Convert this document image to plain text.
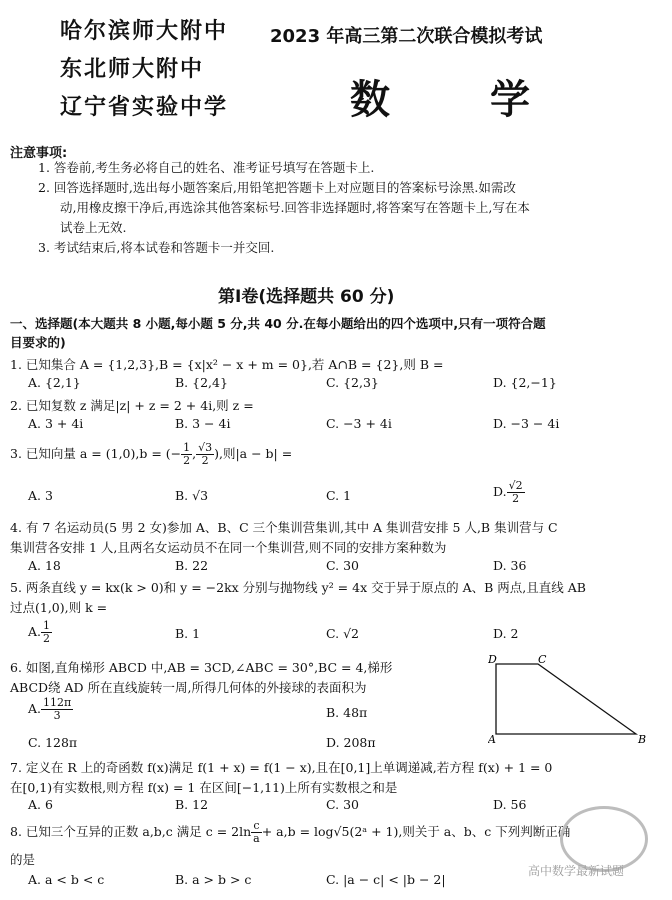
哈尔滨师大附中
东北师大附中
辽宁省实验中学
2023 年高三第二次联合模拟考试
数　学
注意事项:
1. 答卷前,考生务必将自己的姓名、准考证号填写在答题卡上.
2. 回答选择题时,选出每小题答案后,用铅笔把答题卡上对应题目的答案标号涂黑.如需改
动,用橡皮擦干净后,再选涂其他答案标号.回答非选择题时,将答案写在答题卡上,写在本
试卷上无效.
3. 考试结束后,将本试卷和答题卡一并交回.
第Ⅰ卷(选择题共 60 分)
一、选择题(本大题共 8 小题,每小题 5 分,共 40 分.在每小题给出的四个选项中,只有一项符合题
目要求的)
1. 已知集合 A = {1,2,3},B = {x|x² − x + m = 0},若 A∩B = {2},则 B =
A. {2,1}	B. {2,4}	C. {2,3}	D. {2,−1}
2. 已知复数 z 满足|z| + z = 2 + 4i,则 z =
A. 3 + 4i	B. 3 − 4i	C. −3 + 4i	D. −3 − 4i
3. 已知向量 a = (1,0),b = (− $\frac{1}{2}$ , $\frac{√3}{2}$ ),则|a − b| =
A. 3	B. √3	C. 1	D. $\frac{√2}{2}$
4. 有 7 名运动员(5 男 2 女)参加 A、B、C 三个集训营集训,其中 A 集训营安排 5 人,B 集训营与 C
集训营各安排 1 人,且两名女运动员不在同一个集训营,则不同的安排方案种数为
A. 18	B. 22	C. 30	D. 36
5. 两条直线 y = kx(k > 0)和 y = −2kx 分别与抛物线 y² = 4x 交于异于原点的 A、B 两点,且直线 AB
过点(1,0),则 k =
A. $\frac{1}{2}$	B. 1	C. √2	D. 2
6. 如图,直角梯形 ABCD 中,AB = 3CD,∠ABC = 30°,BC = 4,梯形
ABCD绕 AD 所在直线旋转一周,所得几何体的外接球的表面积为
A. $\frac{112\pi}{3}$	B. 48π
C. 128π	D. 208π
D	C
A	B
7. 定义在 R 上的奇函数 f(x)满足 f(1 + x) = f(1 − x),且在[0,1]上单调递减,若方程 f(x) + 1 = 0
在[0,1)有实数根,则方程 f(x) = 1 在区间[−1,11)上所有实数根之和是
A. 6	B. 12	C. 30	D. 56
8. 已知三个互异的正数 a,b,c 满足 $c = 2\ln \frac{c}{a} + a,b$ = log√5(2ᵃ + 1),则关于 a、b、c 下列判断正确
的是
A. a < b < c	B. a > b > c	C. |a − c| < |b − 2|
高中数学最新试题
